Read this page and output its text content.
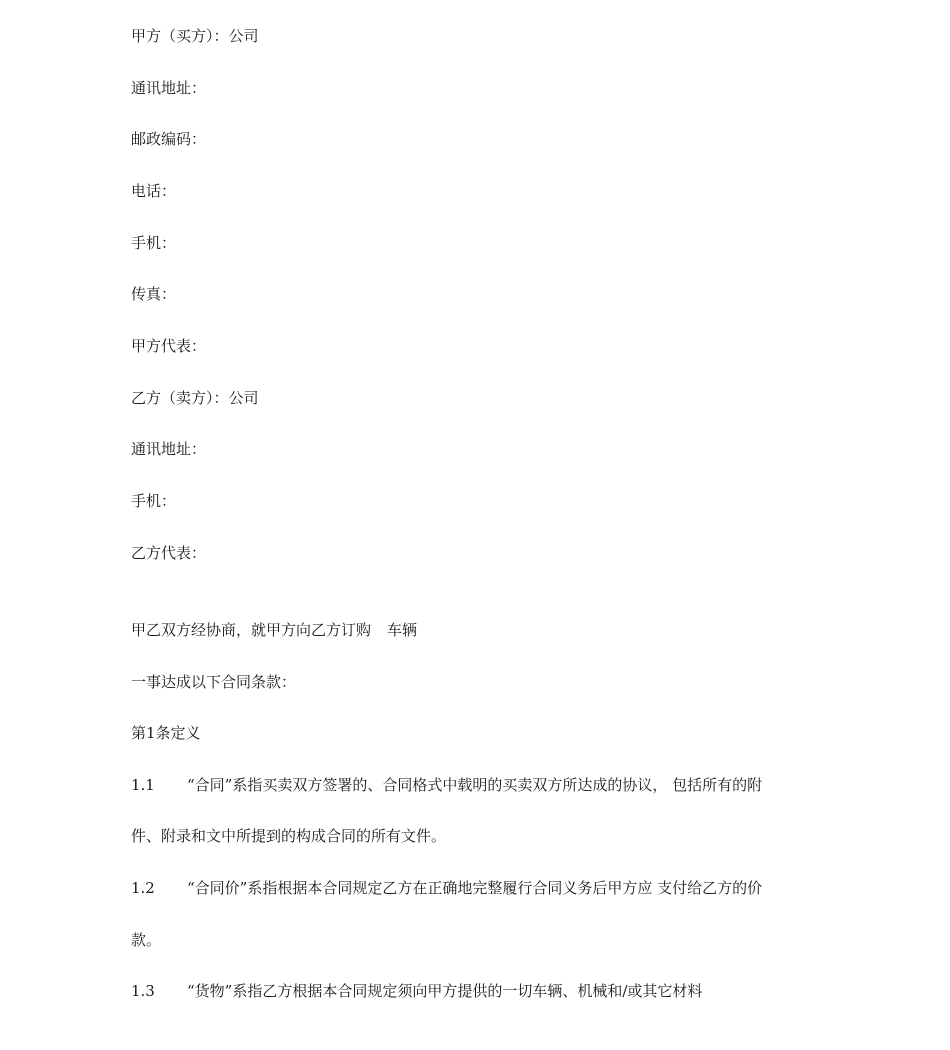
甲方（买方）：公司
通讯地址：
邮政编码：
电话：
手机：
传真：
甲方代表：
乙方（卖方）：公司
通讯地址：
手机：
乙方代表：
甲乙双方经协商，就甲方向乙方订购 车辆
一事达成以下合同条款：
第1条定义
1.1 “合同”系指买卖双方签署的、合同格式中载明的买卖双方所达成的协议， 包括所有的附
件、附录和文中所提到的构成合同的所有文件。
1.2 “合同价”系指根据本合同规定乙方在正确地完整履行合同义务后甲方应 支付给乙方的价
款。
1.3 “货物”系指乙方根据本合同规定须向甲方提供的一切车辆、机械和/或其它材料
